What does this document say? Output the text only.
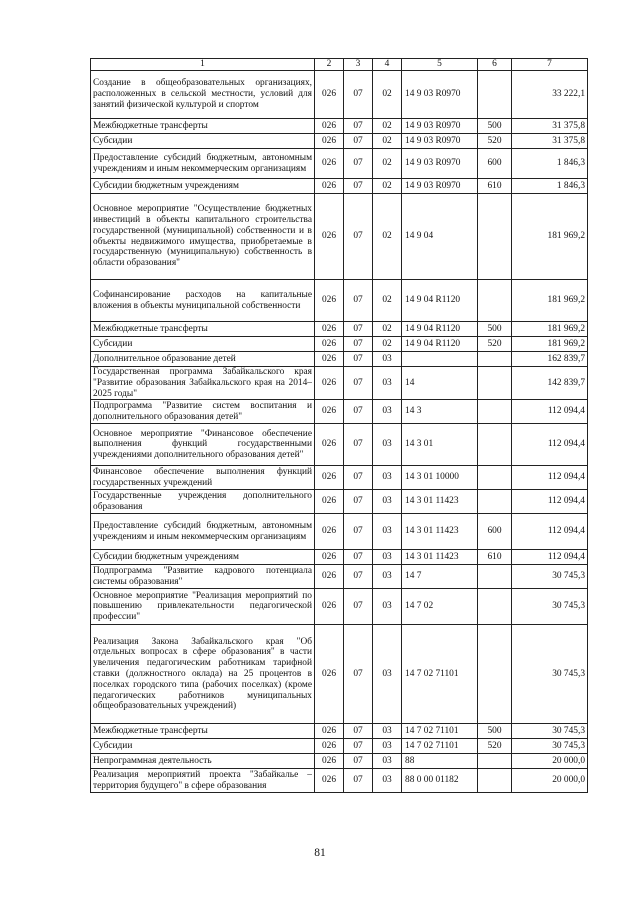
1	2	3	4	5	6	7
Создание в общеобразовательных организациях, расположенных в сельской местности, условий для занятий физической культурой и спортом	026	07	02	14 9 03 R0970		33 222,1
Межбюджетные трансферты	026	07	02	14 9 03 R0970	500	31 375,8
Субсидии	026	07	02	14 9 03 R0970	520	31 375,8
Предоставление субсидий бюджетным, автономным учреждениям и иным некоммерческим организациям	026	07	02	14 9 03 R0970	600	1 846,3
Субсидии бюджетным учреждениям	026	07	02	14 9 03 R0970	610	1 846,3
Основное мероприятие "Осуществление бюджетных инвестиций в объекты капитального строительства государственной (муниципальной) собственности и в объекты недвижимого имущества, приобретаемые в государственную (муниципальную) собственность в области образования"	026	07	02	14 9 04		181 969,2
Софинансирование расходов на капитальные вложения в объекты муниципальной собственности	026	07	02	14 9 04 R1120		181 969,2
Межбюджетные трансферты	026	07	02	14 9 04 R1120	500	181 969,2
Субсидии	026	07	02	14 9 04 R1120	520	181 969,2
Дополнительное образование детей	026	07	03			162 839,7
Государственная программа Забайкальского края "Развитие образования Забайкальского края на 2014–2025 годы"	026	07	03	14		142 839,7
Подпрограмма "Развитие систем воспитания и дополнительного образования детей"	026	07	03	14 3		112 094,4
Основное мероприятие "Финансовое обеспечение выполнения функций государственными учреждениями дополнительного образования детей"	026	07	03	14 3 01		112 094,4
Финансовое обеспечение выполнения функций государственных учреждений	026	07	03	14 3 01 10000		112 094,4
Государственные учреждения дополнительного образования	026	07	03	14 3 01 11423		112 094,4
Предоставление субсидий бюджетным, автономным учреждениям и иным некоммерческим организациям	026	07	03	14 3 01 11423	600	112 094,4
Субсидии бюджетным учреждениям	026	07	03	14 3 01 11423	610	112 094,4
Подпрограмма "Развитие кадрового потенциала системы образования"	026	07	03	14 7		30 745,3
Основное мероприятие "Реализация мероприятий по повышению привлекательности педагогической профессии"	026	07	03	14 7 02		30 745,3
Реализация Закона Забайкальского края "Об отдельных вопросах в сфере образования" в части увеличения педагогическим работникам тарифной ставки (должностного оклада) на 25 процентов в поселках городского типа (рабочих поселках) (кроме педагогических работников муниципальных общеобразовательных учреждений)	026	07	03	14 7 02 71101		30 745,3
Межбюджетные трансферты	026	07	03	14 7 02 71101	500	30 745,3
Субсидии	026	07	03	14 7 02 71101	520	30 745,3
Непрограммная деятельность	026	07	03	88		20 000,0
Реализация мероприятий проекта "Забайкалье – территория будущего" в сфере образования	026	07	03	88 0 00 01182		20 000,0
81
